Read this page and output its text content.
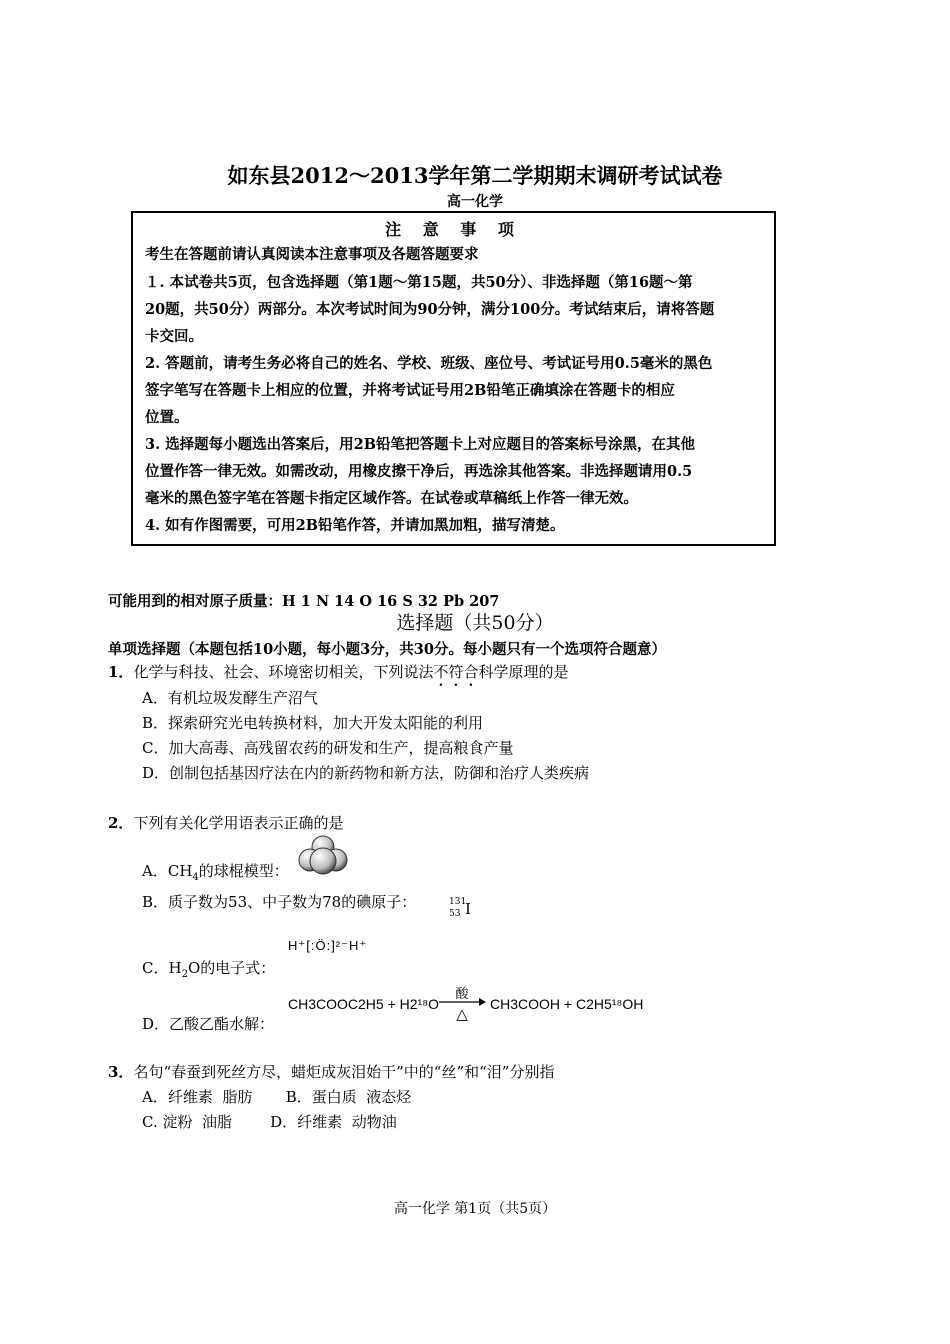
如东县2012～2013学年第二学期期末调研考试试卷
高一化学
注 意 事 项
考生在答题前请认真阅读本注意事项及各题答题要求
１. 本试卷共5页，包含选择题（第1题～第15题，共50分）、非选择题（第16题～第
20题，共50分）两部分。本次考试时间为90分钟，满分100分。考试结束后，请将答题
卡交回。
2. 答题前，请考生务必将自己的姓名、学校、班级、座位号、考试证号用0.5毫米的黑色
签字笔写在答题卡上相应的位置，并将考试证号用2B铅笔正确填涂在答题卡的相应
位置。
3. 选择题每小题选出答案后，用2B铅笔把答题卡上对应题目的答案标号涂黑，在其他
位置作答一律无效。如需改动，用橡皮擦干净后，再选涂其他答案。非选择题请用0.5
毫米的黑色签字笔在答题卡指定区域作答。在试卷或草稿纸上作答一律无效。
4. 如有作图需要，可用2B铅笔作答，并请加黑加粗，描写清楚。
可能用到的相对原子质量：H 1 N 14 O 16 S 32 Pb 207
选择题（共50分）
单项选择题（本题包括10小题，每小题3分，共30分。每小题只有一个选项符合题意）
1．化学与科技、社会、环境密切相关，下列说法不符合科学原理的是
A．有机垃圾发酵生产沼气
B．探索研究光电转换材料，加大开发太阳能的利用
C．加大高毒、高残留农药的研发和生产，提高粮食产量
D．创制包括基因疗法在内的新药物和新方法，防御和治疗人类疾病
2．下列有关化学用语表示正确的是
A．$CH_4$的球棍模型：
B．质子数为53、中子数为78的碘原子：	131
53 I
C．$H_2O$的电子式：
H⁺[:Ö:]²⁻H⁺
D．乙酸乙酯水解：
CH3COOC2H5 + H2¹⁸O
酸
△
CH3COOH + C2H5¹⁸OH
3．名句“春蚕到死丝方尽，蜡炬成灰泪始干”中的“丝”和“泪”分别指
A．纤维素  脂肪       B．蛋白质  液态烃
C. 淀粉  油脂        D．纤维素  动物油
高一化学 第1页（共5页）
